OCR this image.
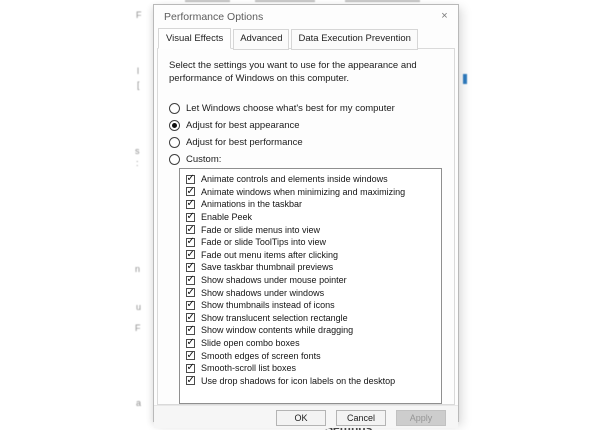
F
l
[
s
:
n
u
F
a
Performance Options	×
Visual Effects	Advanced	Data Execution Prevention
Select the settings you want to use for the appearance and
performance of Windows on this computer.
Let Windows choose what's best for my computer
Adjust for best appearance
Adjust for best performance
Custom:
✓
Animate controls and elements inside windows
✓
Animate windows when minimizing and maximizing
✓
Animations in the taskbar
✓
Enable Peek
✓
Fade or slide menus into view
✓
Fade or slide ToolTips into view
✓
Fade out menu items after clicking
✓
Save taskbar thumbnail previews
✓
Show shadows under mouse pointer
✓
Show shadows under windows
✓
Show thumbnails instead of icons
✓
Show translucent selection rectangle
✓
Show window contents while dragging
✓
Slide open combo boxes
✓
Smooth edges of screen fonts
✓
Smooth-scroll list boxes
✓
Use drop shadows for icon labels on the desktop
OK	Cancel	Apply
